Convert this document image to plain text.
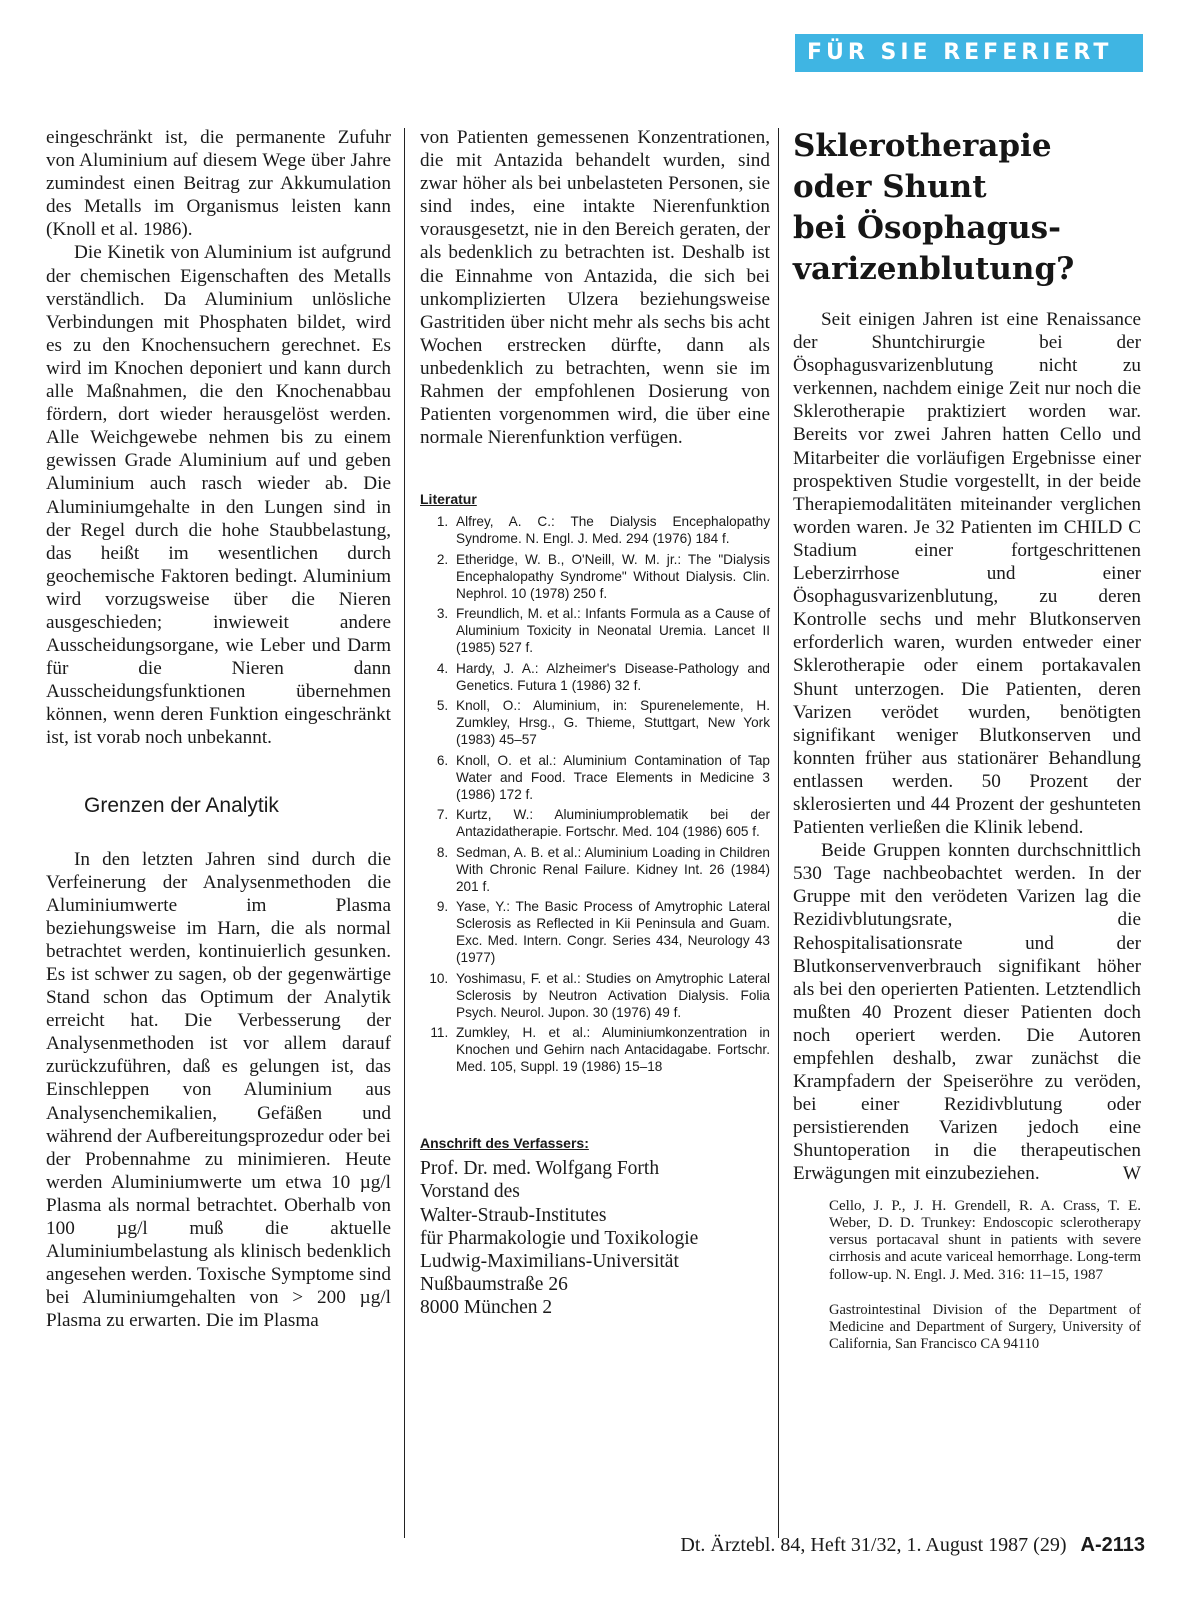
FÜR SIE REFERIERT

eingeschränkt ist, die permanente Zufuhr von Aluminium auf diesem Wege über Jahre zumindest einen Beitrag zur Akkumulation des Metalls im Organismus leisten kann (Knoll et al. 1986).

Die Kinetik von Aluminium ist aufgrund der chemischen Eigenschaften des Metalls verständlich. Da Aluminium unlösliche Verbindungen mit Phosphaten bildet, wird es zu den Knochensuchern gerechnet. Es wird im Knochen deponiert und kann durch alle Maßnahmen, die den Knochenabbau fördern, dort wieder herausgelöst werden. Alle Weichgewebe nehmen bis zu einem gewissen Grade Aluminium auf und geben Aluminium auch rasch wieder ab. Die Aluminiumgehalte in den Lungen sind in der Regel durch die hohe Staubbelastung, das heißt im wesentlichen durch geochemische Faktoren bedingt. Aluminium wird vorzugsweise über die Nieren ausgeschieden; inwieweit andere Ausscheidungsorgane, wie Leber und Darm für die Nieren dann Ausscheidungsfunktionen übernehmen können, wenn deren Funktion eingeschränkt ist, ist vorab noch unbekannt.

Grenzen der Analytik

In den letzten Jahren sind durch die Verfeinerung der Analysenmethoden die Aluminiumwerte im Plasma beziehungsweise im Harn, die als normal betrachtet werden, kontinuierlich gesunken. Es ist schwer zu sagen, ob der gegenwärtige Stand schon das Optimum der Analytik erreicht hat. Die Verbesserung der Analysenmethoden ist vor allem darauf zurückzuführen, daß es gelungen ist, das Einschleppen von Aluminium aus Analysenchemikalien, Gefäßen und während der Aufbereitungsprozedur oder bei der Probennahme zu minimieren. Heute werden Aluminiumwerte um etwa 10 µg/l Plasma als normal betrachtet. Oberhalb von 100 µg/l muß die aktuelle Aluminiumbelastung als klinisch bedenklich angesehen werden. Toxische Symptome sind bei Aluminiumgehalten von > 200 µg/l Plasma zu erwarten. Die im Plasma

von Patienten gemessenen Konzentrationen, die mit Antazida behandelt wurden, sind zwar höher als bei unbelasteten Personen, sie sind indes, eine intakte Nierenfunktion vorausgesetzt, nie in den Bereich geraten, der als bedenklich zu betrachten ist. Deshalb ist die Einnahme von Antazida, die sich bei unkomplizierten Ulzera beziehungsweise Gastritiden über nicht mehr als sechs bis acht Wochen erstrecken dürfte, dann als unbedenklich zu betrachten, wenn sie im Rahmen der empfohlenen Dosierung von Patienten vorgenommen wird, die über eine normale Nierenfunktion verfügen.

Literatur
1. Alfrey, A. C.: The Dialysis Encephalopathy Syndrome. N. Engl. J. Med. 294 (1976) 184 f.
2. Etheridge, W. B., O'Neill, W. M. jr.: The "Dialysis Encephalopathy Syndrome" Without Dialysis. Clin. Nephrol. 10 (1978) 250 f.
3. Freundlich, M. et al.: Infants Formula as a Cause of Aluminium Toxicity in Neonatal Uremia. Lancet II (1985) 527 f.
4. Hardy, J. A.: Alzheimer's Disease-Pathology and Genetics. Futura 1 (1986) 32 f.
5. Knoll, O.: Aluminium, in: Spurenelemente, H. Zumkley, Hrsg., G. Thieme, Stuttgart, New York (1983) 45–57
6. Knoll, O. et al.: Aluminium Contamination of Tap Water and Food. Trace Elements in Medicine 3 (1986) 172 f.
7. Kurtz, W.: Aluminiumproblematik bei der Antazidatherapie. Fortschr. Med. 104 (1986) 605 f.
8. Sedman, A. B. et al.: Aluminium Loading in Children With Chronic Renal Failure. Kidney Int. 26 (1984) 201 f.
9. Yase, Y.: The Basic Process of Amytrophic Lateral Sclerosis as Reflected in Kii Peninsula and Guam. Exc. Med. Intern. Congr. Series 434, Neurology 43 (1977)
10. Yoshimasu, F. et al.: Studies on Amytrophic Lateral Sclerosis by Neutron Activation Dialysis. Folia Psych. Neurol. Jupon. 30 (1976) 49 f.
11. Zumkley, H. et al.: Aluminiumkonzentration in Knochen und Gehirn nach Antacidagabe. Fortschr. Med. 105, Suppl. 19 (1986) 15–18
Anschrift des Verfassers:
Prof. Dr. med. Wolfgang Forth
Vorstand des
Walter-Straub-Institutes
für Pharmakologie und Toxikologie
Ludwig-Maximilians-Universität
Nußbaumstraße 26
8000 München 2
Sklerotherapie
oder Shunt
bei Ösophagus-
varizenblutung?

Seit einigen Jahren ist eine Renaissance der Shuntchirurgie bei der Ösophagusvarizenblutung nicht zu verkennen, nachdem einige Zeit nur noch die Sklerotherapie praktiziert worden war. Bereits vor zwei Jahren hatten Cello und Mitarbeiter die vorläufigen Ergebnisse einer prospektiven Studie vorgestellt, in der beide Therapiemodalitäten miteinander verglichen worden waren. Je 32 Patienten im CHILD C Stadium einer fortgeschrittenen Leberzirrhose und einer Ösophagusvarizenblutung, zu deren Kontrolle sechs und mehr Blutkonserven erforderlich waren, wurden entweder einer Sklerotherapie oder einem portakavalen Shunt unterzogen. Die Patienten, deren Varizen verödet wurden, benötigten signifikant weniger Blutkonserven und konnten früher aus stationärer Behandlung entlassen werden. 50 Prozent der sklerosierten und 44 Prozent der geshunteten Patienten verließen die Klinik lebend.

Beide Gruppen konnten durchschnittlich 530 Tage nachbeobachtet werden. In der Gruppe mit den verödeten Varizen lag die Rezidivblutungsrate, die Rehospitalisationsrate und der Blutkonservenverbrauch signifikant höher als bei den operierten Patienten. Letztendlich mußten 40 Prozent dieser Patienten doch noch operiert werden. Die Autoren empfehlen deshalb, zwar zunächst die Krampfadern der Speiseröhre zu veröden, bei einer Rezidivblutung oder persistierenden Varizen jedoch eine Shuntoperation in die therapeutischen Erwägungen mit einzubeziehen.	W

Cello, J. P., J. H. Grendell, R. A. Crass, T. E. Weber, D. D. Trunkey: Endoscopic sclerotherapy versus portacaval shunt in patients with severe cirrhosis and acute variceal hemorrhage. Long-term follow-up. N. Engl. J. Med. 316: 11–15, 1987
Gastrointestinal Division of the Department of Medicine and Department of Surgery, University of California, San Francisco CA 94110
Dt. Ärztebl. 84, Heft 31/32, 1. August 1987 (29) A-2113
